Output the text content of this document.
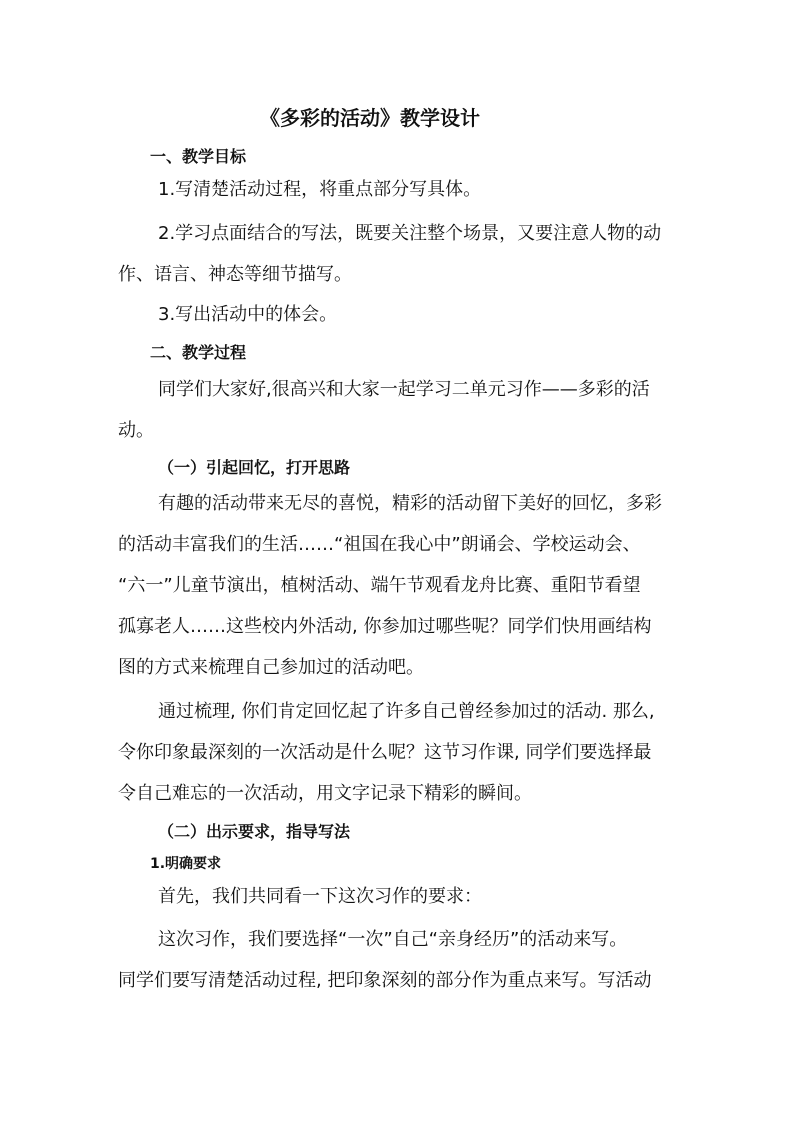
《多彩的活动》教学设计
一、教学目标
1.写清楚活动过程，将重点部分写具体。
2.学习点面结合的写法，既要关注整个场景，又要注意人物的动
作、语言、神态等细节描写。
3.写出活动中的体会。
二、教学过程
同学们大家好,很高兴和大家一起学习二单元习作——多彩的活
动。
（一）引起回忆，打开思路
有趣的活动带来无尽的喜悦，精彩的活动留下美好的回忆，多彩
的活动丰富我们的生活……“祖国在我心中”朗诵会、学校运动会、
“六一”儿童节演出，植树活动、端午节观看龙舟比赛、重阳节看望
孤寡老人……这些校内外活动, 你参加过哪些呢？同学们快用画结构
图的方式来梳理自己参加过的活动吧。
通过梳理, 你们肯定回忆起了许多自己曾经参加过的活动. 那么,
令你印象最深刻的一次活动是什么呢？这节习作课, 同学们要选择最
令自己难忘的一次活动，用文字记录下精彩的瞬间。
（二）出示要求，指导写法
1.明确要求
首先，我们共同看一下这次习作的要求：
这次习作，我们要选择“一次”自己“亲身经历”的活动来写。
同学们要写清楚活动过程, 把印象深刻的部分作为重点来写。写活动
